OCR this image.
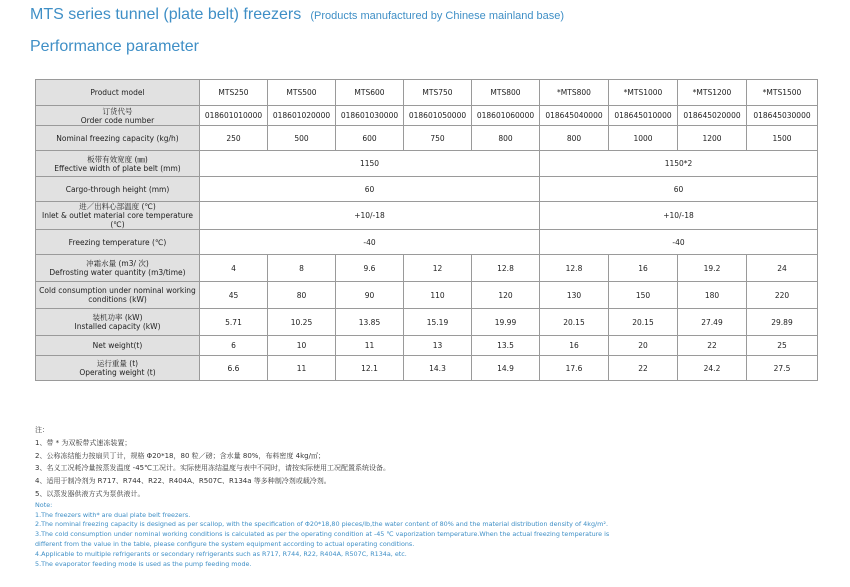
MTS series tunnel (plate belt) freezers (Products manufactured by Chinese mainland base)
Performance parameter
Product model	MTS250	MTS500	MTS600	MTS750	MTS800	*MTS800	*MTS1000	*MTS1200	*MTS1500

订货代号
Order code number	018601010000	018601020000	018601030000	018601050000	018601060000	018645040000	018645010000	018645020000	018645030000

Nominal freezing capacity (kg/h)	250	500	600	750	800	800	1000	1200	1500

板带有效宽度 (㎜)
Effective width of plate belt (mm)	1150					1150*2			

Cargo-through height (mm)	60					60			

进／出料心部温度 (℃)
Inlet & outlet material core temperature (℃)	+10/-18					+10/-18			

Freezing temperature (℃)	-40					-40			

冲霜水量 (m3/ 次)
Defrosting water quantity (m3/time)	4	8	9.6	12	12.8	12.8	16	19.2	24

Cold consumption under nominal working conditions (kW)	45	80	90	110	120	130	150	180	220

装机功率 (kW)
Installed capacity (kW)	5.71	10.25	13.85	15.19	19.99	20.15	20.15	27.49	29.89

Net weight(t)	6	10	11	13	13.5	16	20	22	25

运行重量 (t)
Operating weight (t)	6.6	11	12.1	14.3	14.9	17.6	22	24.2	27.5
注：
1、带 * 为双板带式速冻装置；
2、公称冻结能力按扇贝丁计，规格 Φ20*18，80 粒／磅；含水量 80%，布料密度 4kg/㎡；
3、名义工况耗冷量按蒸发温度 -45℃工况计。实际使用冻结温度与表中不同时，请按实际使用工况配置系统设备。
4、适用于制冷剂为 R717、R744、R22、R404A、R507C、R134a 等多种制冷剂或载冷剂。
5、以蒸发器供液方式为泵供液计。
Note:
1.The freezers with* are dual plate belt freezers.
2.The nominal freezing capacity is designed as per scallop, with the specification of Φ20*18,80 pieces/lb,the water content of 80% and the material distribution density of 4kg/m².
3.The cold consumption under nominal working conditions is calculated as per the operating condition at -45 ℃ vaporization temperature.When the actual freezing temperature is
different from the value in the table, please configure the system equipment according to actual operating conditions.
4.Applicable to multiple refrigerants or secondary refrigerants such as R717, R744, R22, R404A, R507C, R134a, etc.
5.The evaporator feeding mode is used as the pump feeding mode.
